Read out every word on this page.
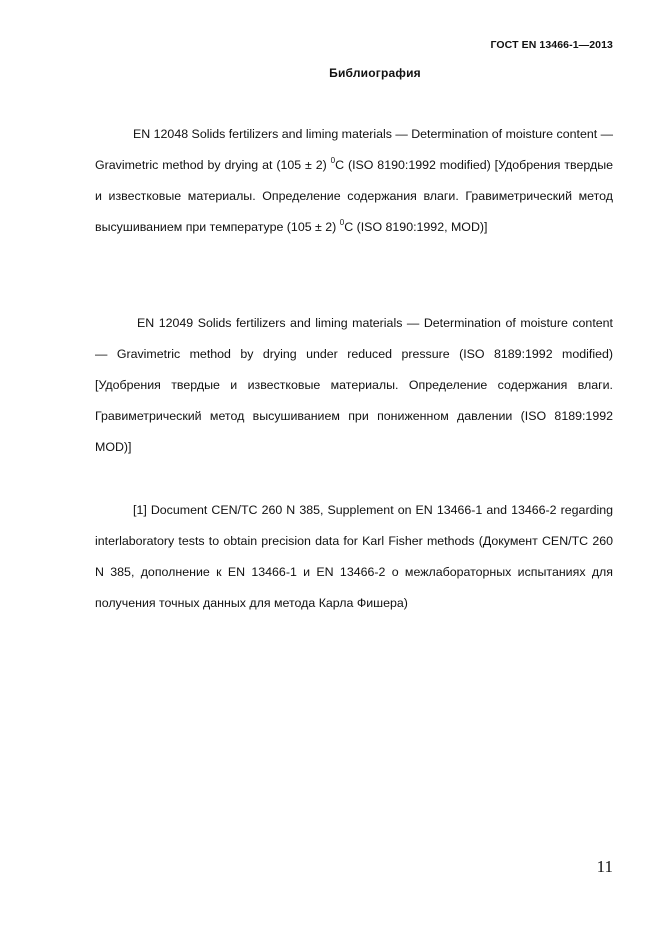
ГОСТ EN 13466-1—2013
Библиография

EN 12048 Solids fertilizers and liming materials — Determination of moisture content — Gravimetric method by drying at (105 ± 2) $^0$С (ISO 8190:1992 modified) [Удобрения твердые и известковые материалы. Определение содержания влаги. Гравиметрический метод высушиванием при температуре (105 ± 2) $^0$С (ISO 8190:1992, MOD)]

EN 12049 Solids fertilizers and liming materials — Determination of moisture content — Gravimetric method by drying under reduced pressure (ISO 8189:1992 modified) [Удобрения твердые и известковые материалы. Определение содержания влаги. Гравиметрический метод высушиванием при пониженном давлении (ISO 8189:1992 MOD)]

[1] Document CEN/TC 260 N 385, Supplement on EN 13466-1 and 13466-2 regarding interlaboratory tests to obtain precision data for Karl Fisher methods (Документ CEN/TC 260 N 385, дополнение к EN 13466-1 и EN 13466-2 о межлабораторных испытаниях для получения точных данных для метода Карла Фишера)

11
